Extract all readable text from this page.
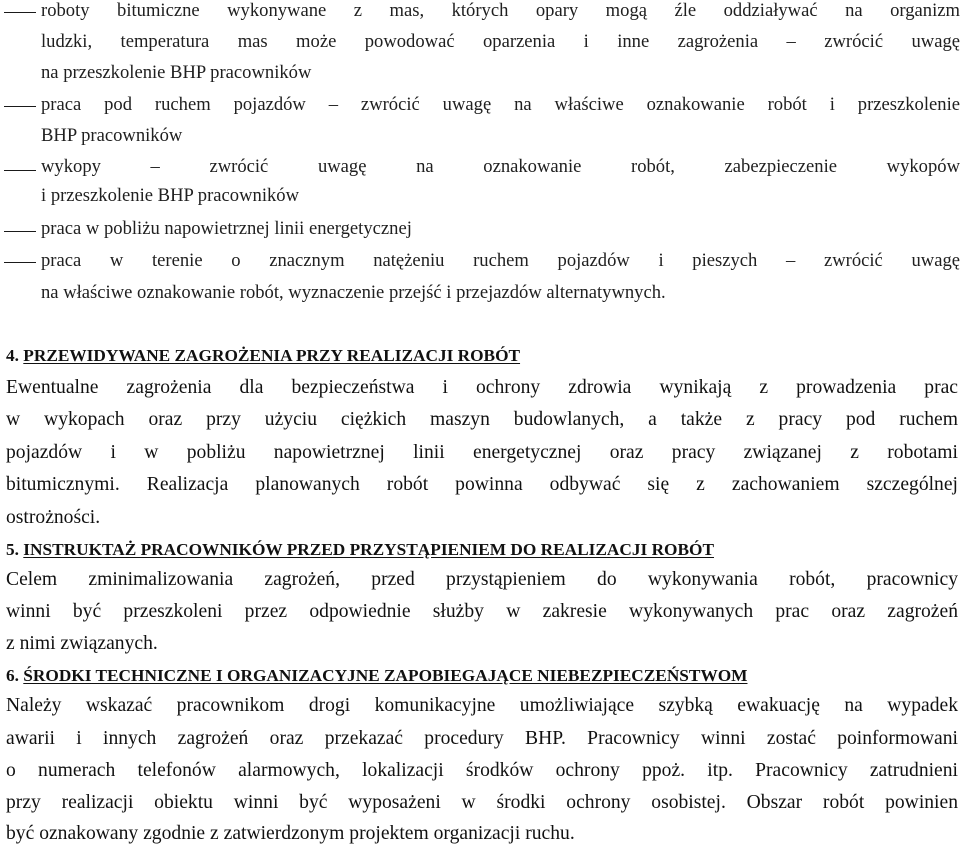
roboty bitumiczne wykonywane z mas, których opary mogą źle oddziaływać na organizm
ludzki, temperatura mas może powodować oparzenia i inne zagrożenia – zwrócić uwagę
na przeszkolenie BHP pracowników
praca pod ruchem pojazdów – zwrócić uwagę na właściwe oznakowanie robót i przeszkolenie
BHP pracowników
wykopy – zwrócić uwagę na oznakowanie robót, zabezpieczenie wykopów
i przeszkolenie BHP pracowników
praca w pobliżu napowietrznej linii energetycznej
praca w terenie o znacznym natężeniu ruchem pojazdów i pieszych – zwrócić uwagę
na właściwe oznakowanie robót, wyznaczenie przejść i przejazdów alternatywnych.
4. PRZEWIDYWANE ZAGROŻENIA PRZY REALIZACJI ROBÓT
Ewentualne zagrożenia dla bezpieczeństwa i ochrony zdrowia wynikają z prowadzenia prac
w wykopach oraz przy użyciu ciężkich maszyn budowlanych, a także z pracy pod ruchem
pojazdów i w pobliżu napowietrznej linii energetycznej oraz pracy związanej z robotami
bitumicznymi. Realizacja planowanych robót powinna odbywać się z zachowaniem szczególnej
ostrożności.
5. INSTRUKTAŻ PRACOWNIKÓW PRZED PRZYSTĄPIENIEM DO REALIZACJI ROBÓT
Celem zminimalizowania zagrożeń, przed przystąpieniem do wykonywania robót, pracownicy
winni być przeszkoleni przez odpowiednie służby w zakresie wykonywanych prac oraz zagrożeń
z nimi związanych.
6. ŚRODKI TECHNICZNE I ORGANIZACYJNE ZAPOBIEGAJĄCE NIEBEZPIECZEŃSTWOM
Należy wskazać pracownikom drogi komunikacyjne umożliwiające szybką ewakuację na wypadek
awarii i innych zagrożeń oraz przekazać procedury BHP. Pracownicy winni zostać poinformowani
o numerach telefonów alarmowych, lokalizacji środków ochrony ppoż. itp. Pracownicy zatrudnieni
przy realizacji obiektu winni być wyposażeni w środki ochrony osobistej. Obszar robót powinien
być oznakowany zgodnie z zatwierdzonym projektem organizacji ruchu.
